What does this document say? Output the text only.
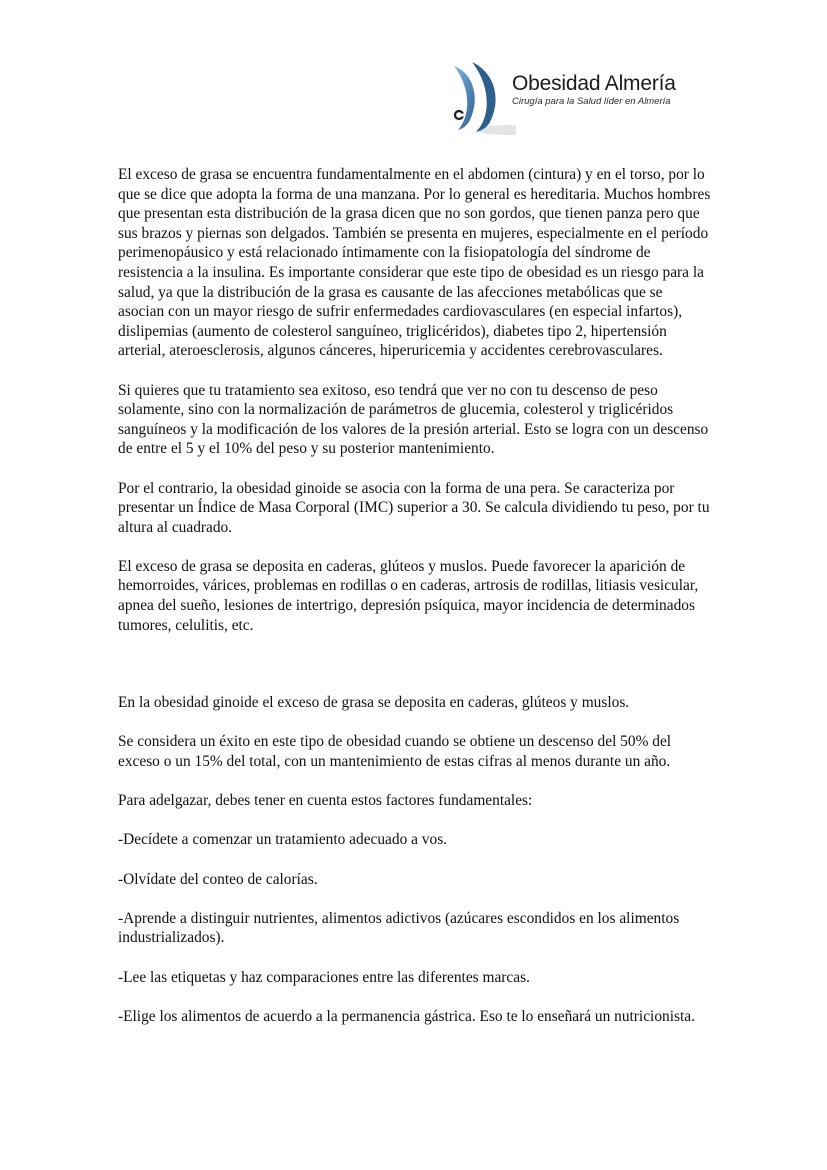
Obesidad Almería
Cirugía para la Salud líder en Almería

El exceso de grasa se encuentra fundamentalmente en el abdomen (cintura) y en el torso, por lo que se dice que adopta la forma de una manzana. Por lo general es hereditaria. Muchos hombres que presentan esta distribución de la grasa dicen que no son gordos, que tienen panza pero que sus brazos y piernas son delgados. También se presenta en mujeres, especialmente en el período perimenopáusico y está relacionado íntimamente con la fisiopatología del síndrome de resistencia a la insulina. Es importante considerar que este tipo de obesidad es un riesgo para la salud, ya que la distribución de la grasa es causante de las afecciones metabólicas que se asocian con un mayor riesgo de sufrir enfermedades cardiovasculares (en especial infartos), dislipemias (aumento de colesterol sanguíneo, triglicéridos), diabetes tipo 2, hipertensión arterial, ateroesclerosis, algunos cánceres, hiperuricemia y accidentes cerebrovasculares.

Si quieres que tu tratamiento sea exitoso, eso tendrá que ver no con tu descenso de peso solamente, sino con la normalización de parámetros de glucemia, colesterol y triglicéridos sanguíneos y la modificación de los valores de la presión arterial. Esto se logra con un descenso de entre el 5 y el 10% del peso y su posterior mantenimiento.

Por el contrario, la obesidad ginoide se asocia con la forma de una pera. Se caracteriza por presentar un Índice de Masa Corporal (IMC) superior a 30. Se calcula dividiendo tu peso, por tu altura al cuadrado.

El exceso de grasa se deposita en caderas, glúteos y muslos. Puede favorecer la aparición de hemorroides, várices, problemas en rodillas o en caderas, artrosis de rodillas, litiasis vesicular, apnea del sueño, lesiones de intertrigo, depresión psíquica, mayor incidencia de determinados tumores, celulitis, etc.

En la obesidad ginoide el exceso de grasa se deposita en caderas, glúteos y muslos.

Se considera un éxito en este tipo de obesidad cuando se obtiene un descenso del 50% del exceso o un 15% del total, con un mantenimiento de estas cifras al menos durante un año.

Para adelgazar, debes tener en cuenta estos factores fundamentales:

-Decídete a comenzar un tratamiento adecuado a vos.

-Olvídate del conteo de calorías.

-Aprende a distinguir nutrientes, alimentos adictivos (azúcares escondidos en los alimentos industrializados).

-Lee las etiquetas y haz comparaciones entre las diferentes marcas.

-Elige los alimentos de acuerdo a la permanencia gástrica. Eso te lo enseñará un nutricionista.
